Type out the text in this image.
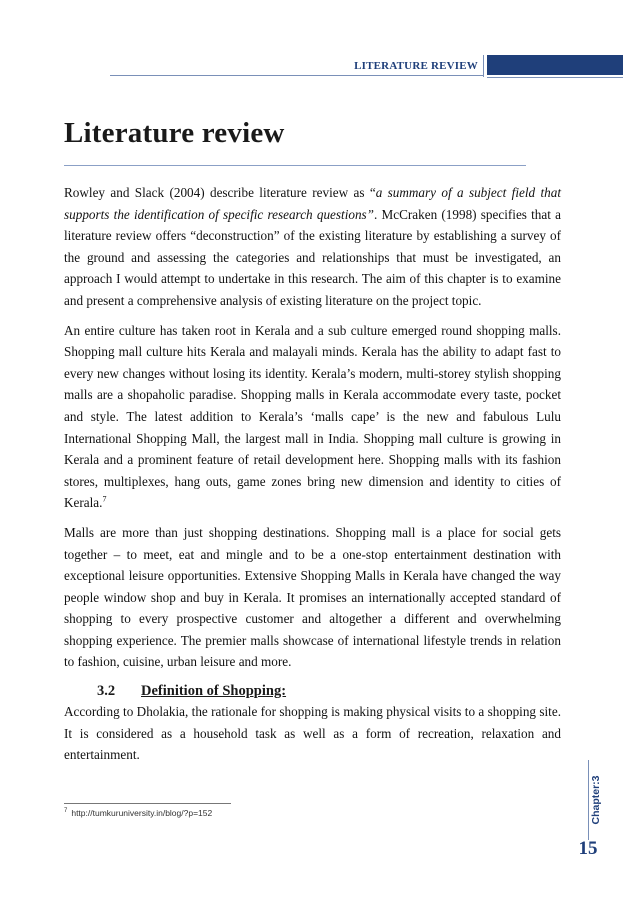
LITERATURE REVIEW
Literature review

Rowley and Slack (2004) describe literature review as “a summary of a subject field that supports the identification of specific research questions”. McCraken (1998) specifies that a literature review offers “deconstruction” of the existing literature by establishing a survey of the ground and assessing the categories and relationships that must be investigated, an approach I would attempt to undertake in this research. The aim of this chapter is to examine and present a comprehensive analysis of existing literature on the project topic.

An entire culture has taken root in Kerala and a sub culture emerged round shopping malls. Shopping mall culture hits Kerala and malayali minds. Kerala has the ability to adapt fast to every new changes without losing its identity. Kerala’s modern, multi-storey stylish shopping malls are a shopaholic paradise. Shopping malls in Kerala accommodate every taste, pocket and style. The latest addition to Kerala’s ‘malls cape’ is the new and fabulous Lulu International Shopping Mall, the largest mall in India. Shopping mall culture is growing in Kerala and a prominent feature of retail development here. Shopping malls with its fashion stores, multiplexes, hang outs, game zones bring new dimension and identity to cities of Kerala.$^7$

Malls are more than just shopping destinations. Shopping mall is a place for social gets together – to meet, eat and mingle and to be a one-stop entertainment destination with exceptional leisure opportunities. Extensive Shopping Malls in Kerala have changed the way people window shop and buy in Kerala. It promises an internationally accepted standard of shopping to every prospective customer and altogether a different and overwhelming shopping experience. The premier malls showcase of international lifestyle trends in relation to fashion, cuisine, urban leisure and more.

3.2 Definition of Shopping:

According to Dholakia, the rationale for shopping is making physical visits to a shopping site. It is considered as a household task as well as a form of recreation, relaxation and entertainment.

$^7$ http://tumkuruniversity.in/blog/?p=152	Chapter:3
15
